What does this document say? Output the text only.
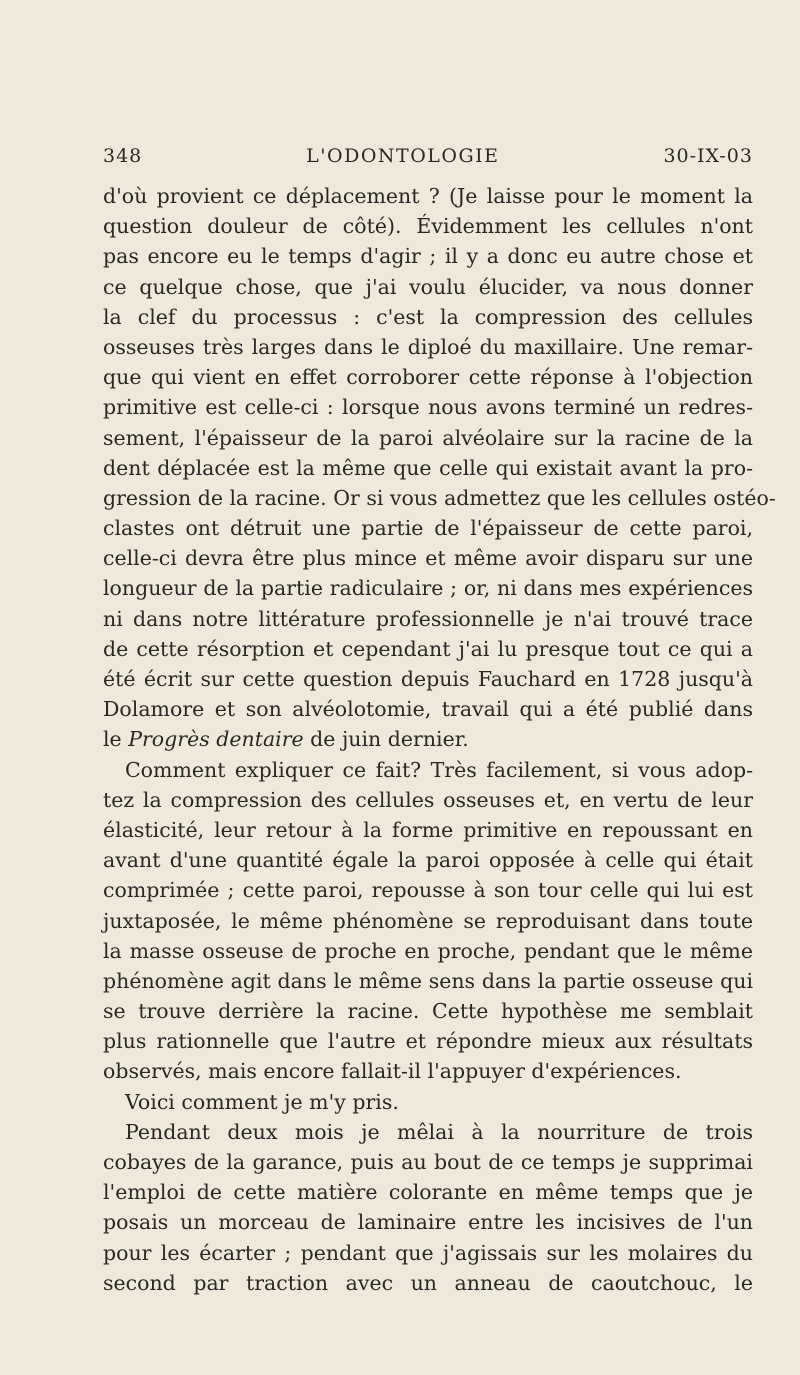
348	L'ODONTOLOGIE	30-IX-03
d'où provient ce déplacement ? (Je laisse pour le moment la
question douleur de côté). Évidemment les cellules n'ont
pas encore eu le temps d'agir ; il y a donc eu autre chose et
ce quelque chose, que j'ai voulu élucider, va nous donner
la clef du processus : c'est la compression des cellules
osseuses très larges dans le diploé du maxillaire. Une remar-
que qui vient en effet corroborer cette réponse à l'objection
primitive est celle-ci : lorsque nous avons terminé un redres-
sement, l'épaisseur de la paroi alvéolaire sur la racine de la
dent déplacée est la même que celle qui existait avant la pro-
gression de la racine. Or si vous admettez que les cellules ostéo-
clastes ont détruit une partie de l'épaisseur de cette paroi,
celle-ci devra être plus mince et même avoir disparu sur une
longueur de la partie radiculaire ; or, ni dans mes expériences
ni dans notre littérature professionnelle je n'ai trouvé trace
de cette résorption et cependant j'ai lu presque tout ce qui a
été écrit sur cette question depuis Fauchard en 1728 jusqu'à
Dolamore et son alvéolotomie, travail qui a été publié dans
le Progrès dentaire de juin dernier.
Comment expliquer ce fait? Très facilement, si vous adop-
tez la compression des cellules osseuses et, en vertu de leur
élasticité, leur retour à la forme primitive en repoussant en
avant d'une quantité égale la paroi opposée à celle qui était
comprimée ; cette paroi, repousse à son tour celle qui lui est
juxtaposée, le même phénomène se reproduisant dans toute
la masse osseuse de proche en proche, pendant que le même
phénomène agit dans le même sens dans la partie osseuse qui
se trouve derrière la racine. Cette hypothèse me semblait
plus rationnelle que l'autre et répondre mieux aux résultats
observés, mais encore fallait-il l'appuyer d'expériences.
Voici comment je m'y pris.
Pendant deux mois je mêlai à la nourriture de trois
cobayes de la garance, puis au bout de ce temps je supprimai
l'emploi de cette matière colorante en même temps que je
posais un morceau de laminaire entre les incisives de l'un
pour les écarter ; pendant que j'agissais sur les molaires du
second par traction avec un anneau de caoutchouc, le
